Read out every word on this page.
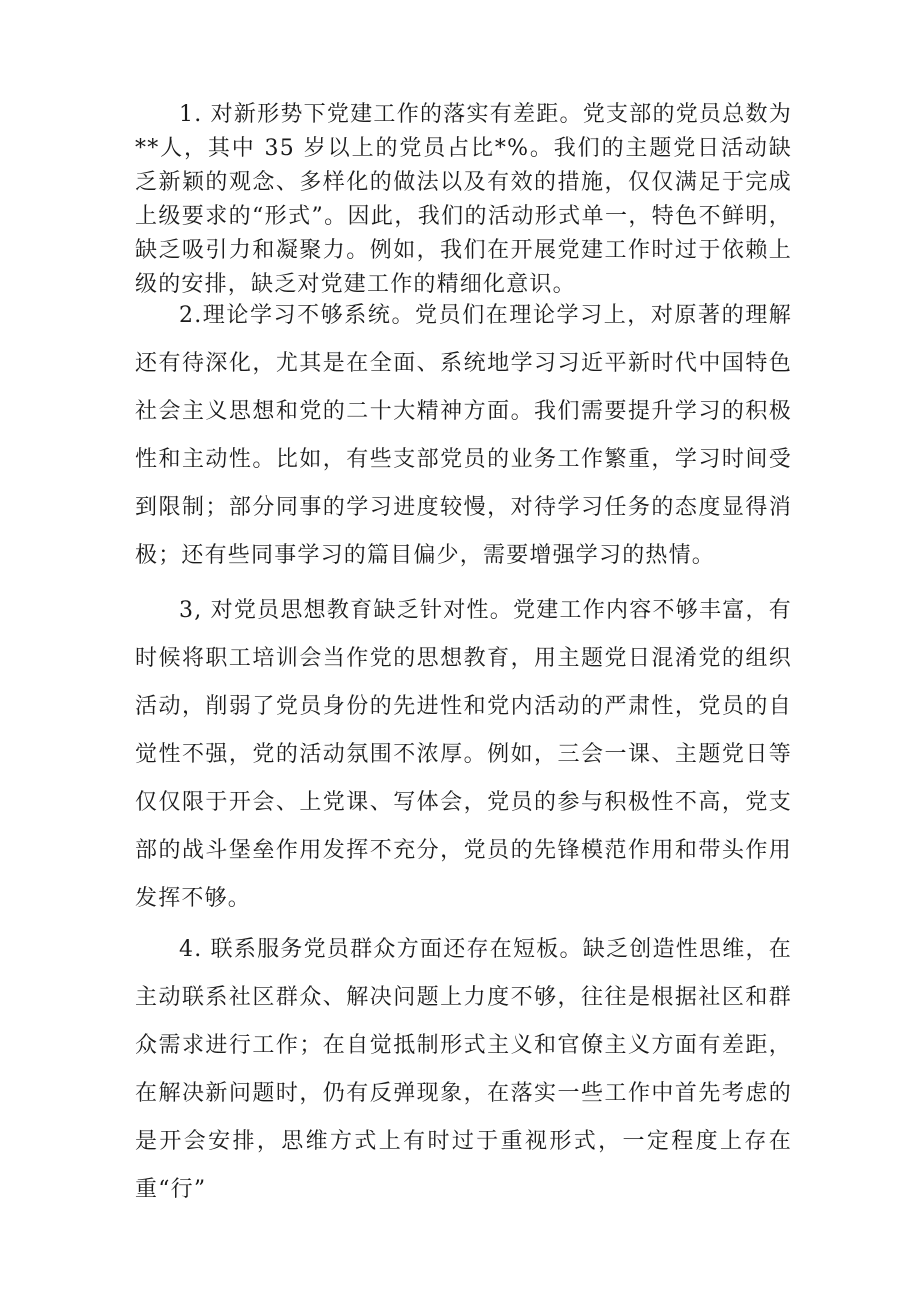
1. 对新形势下党建工作的落实有差距。党支部的党员总数为**人，其中 35 岁以上的党员占比*%。我们的主题党日活动缺乏新颖的观念、多样化的做法以及有效的措施，仅仅满足于完成上级要求的“形式”。因此，我们的活动形式单一，特色不鲜明，缺乏吸引力和凝聚力。例如，我们在开展党建工作时过于依赖上级的安排，缺乏对党建工作的精细化意识。

2.理论学习不够系统。党员们在理论学习上，对原著的理解还有待深化，尤其是在全面、系统地学习习近平新时代中国特色社会主义思想和党的二十大精神方面。我们需要提升学习的积极性和主动性。比如，有些支部党员的业务工作繁重，学习时间受到限制；部分同事的学习进度较慢，对待学习任务的态度显得消极；还有些同事学习的篇目偏少，需要增强学习的热情。

3, 对党员思想教育缺乏针对性。党建工作内容不够丰富，有时候将职工培训会当作党的思想教育，用主题党日混淆党的组织活动，削弱了党员身份的先进性和党内活动的严肃性，党员的自觉性不强，党的活动氛围不浓厚。例如，三会一课、主题党日等仅仅限于开会、上党课、写体会，党员的参与积极性不高，党支部的战斗堡垒作用发挥不充分，党员的先锋模范作用和带头作用发挥不够。

4. 联系服务党员群众方面还存在短板。缺乏创造性思维，在主动联系社区群众、解决问题上力度不够，往往是根据社区和群众需求进行工作；在自觉抵制形式主义和官僚主义方面有差距，在解决新问题时，仍有反弹现象，在落实一些工作中首先考虑的是开会安排，思维方式上有时过于重视形式，一定程度上存在重“行”
